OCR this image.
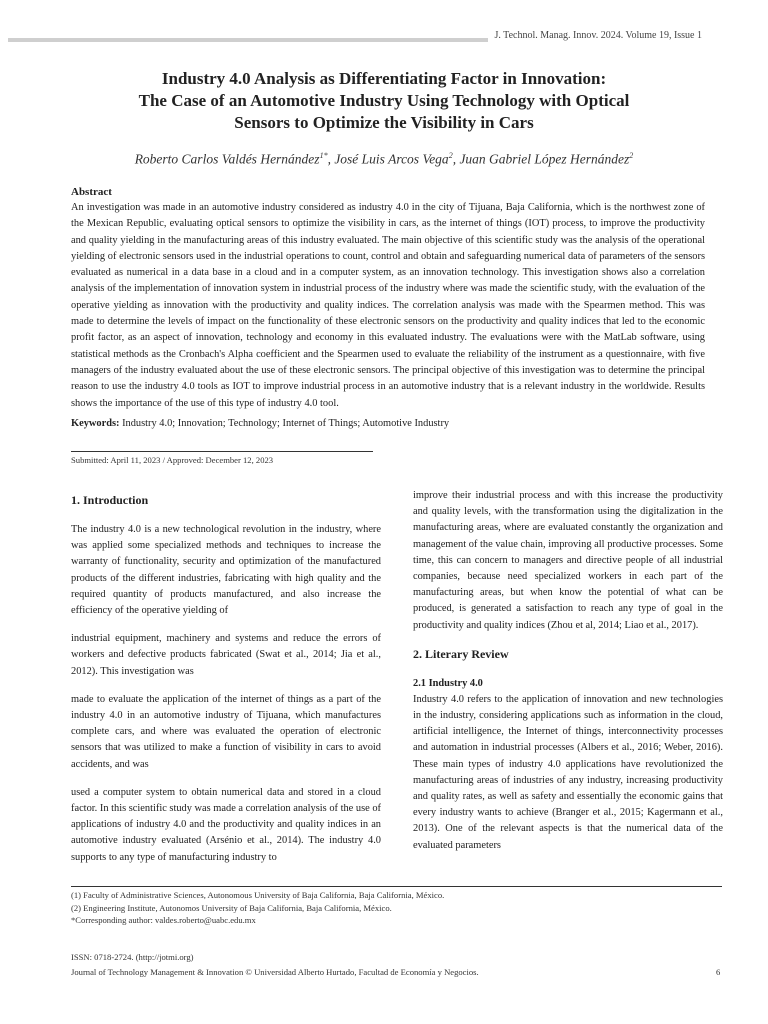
J. Technol. Manag. Innov. 2024. Volume 19, Issue 1
Industry 4.0 Analysis as Differentiating Factor in Innovation:
The Case of an Automotive Industry Using Technology with Optical
Sensors to Optimize the Visibility in Cars
Roberto Carlos Valdés Hernández$^{1*}$, José Luis Arcos Vega$^2$, Juan Gabriel López Hernández$^2$
Abstract
An investigation was made in an automotive industry considered as industry 4.0 in the city of Tijuana, Baja California, which is the northwest zone of the Mexican Republic, evaluating optical sensors to optimize the visibility in cars, as the internet of things (IOT) process, to improve the productivity and quality yielding in the manufacturing areas of this industry evaluated. The main objective of this scientific study was the analysis of the operational yielding of electronic sensors used in the industrial operations to count, control and obtain and safeguarding numerical data of parameters of the sensors evaluated as numerical in a data base in a cloud and in a computer system, as an innovation technology. This investigation shows also a correlation analysis of the implementation of innovation system in industrial process of the industry where was made the scientific study, with the evaluation of the operative yielding as innovation with the productivity and quality indices. The correlation analysis was made with the Spearmen method. This was made to determine the levels of impact on the functionality of these electronic sensors on the productivity and quality indices that led to the economic profit factor, as an aspect of innovation, technology and economy in this evaluated industry. The evaluations were with the MatLab software, using statistical methods as the Cronbach's Alpha coefficient and the Spearmen used to evaluate the reliability of the instrument as a questionnaire, with five managers of the industry evaluated about the use of these electronic sensors. The principal objective of this investigation was to determine the principal reason to use the industry 4.0 tools as IOT to improve industrial process in an automotive industry that is a relevant industry in the worldwide. Results shows the importance of the use of this type of industry 4.0 tool.
Keywords: Industry 4.0; Innovation; Technology; Internet of Things; Automotive Industry
Submitted: April 11, 2023 / Approved: December 12, 2023
1. Introduction

The industry 4.0 is a new technological revolution in the industry, where was applied some specialized methods and techniques to increase the warranty of functionality, security and optimization of the manufactured products of the different industries, fabricating with high quality and the required quantity of products manufactured, and also increase the efficiency of the operative yielding of

industrial equipment, machinery and systems and reduce the errors of workers and defective products fabricated (Swat et al., 2014; Jia et al., 2012). This investigation was

made to evaluate the application of the internet of things as a part of the industry 4.0 in an automotive industry of Tijuana, which manufactures complete cars, and where was evaluated the operation of electronic sensors that was utilized to make a function of visibility in cars to avoid accidents, and was

used a computer system to obtain numerical data and stored in a cloud factor. In this scientific study was made a correlation analysis of the use of applications of industry 4.0 and the productivity and quality indices in an automotive industry evaluated (Arsénio et al., 2014). The industry 4.0 supports to any type of manufacturing industry to

improve their industrial process and with this increase the productivity and quality levels, with the transformation using the digitalization in the manufacturing areas, where are evaluated constantly the organization and management of the value chain, improving all productive processes. Some time, this can concern to managers and directive people of all industrial companies, because need specialized workers in each part of the manufacturing areas, but when know the potential of what can be produced, is generated a satisfaction to reach any type of goal in the productivity and quality indices (Zhou et al, 2014; Liao et al., 2017).

2. Literary Review
2.1 Industry 4.0

Industry 4.0 refers to the application of innovation and new technologies in the industry, considering applications such as information in the cloud, artificial intelligence, the Internet of things, interconnectivity processes and automation in industrial processes (Albers et al., 2016; Weber, 2016). These main types of industry 4.0 applications have revolutionized the manufacturing areas of industries of any industry, increasing productivity and quality rates, as well as safety and essentially the economic gains that every industry wants to achieve (Branger et al., 2015; Kagermann et al., 2013). One of the relevant aspects is that the numerical data of the evaluated parameters

(1) Faculty of Administrative Sciences, Autonomous University of Baja California, Baja California, México.
(2) Engineering Institute, Autonomos University of Baja California, Baja California, México.
*Corresponding author: valdes.roberto@uabc.edu.mx
ISSN: 0718-2724. (http://jotmi.org)
Journal of Technology Management & Innovation © Universidad Alberto Hurtado, Facultad de Economía y Negocios.	6
